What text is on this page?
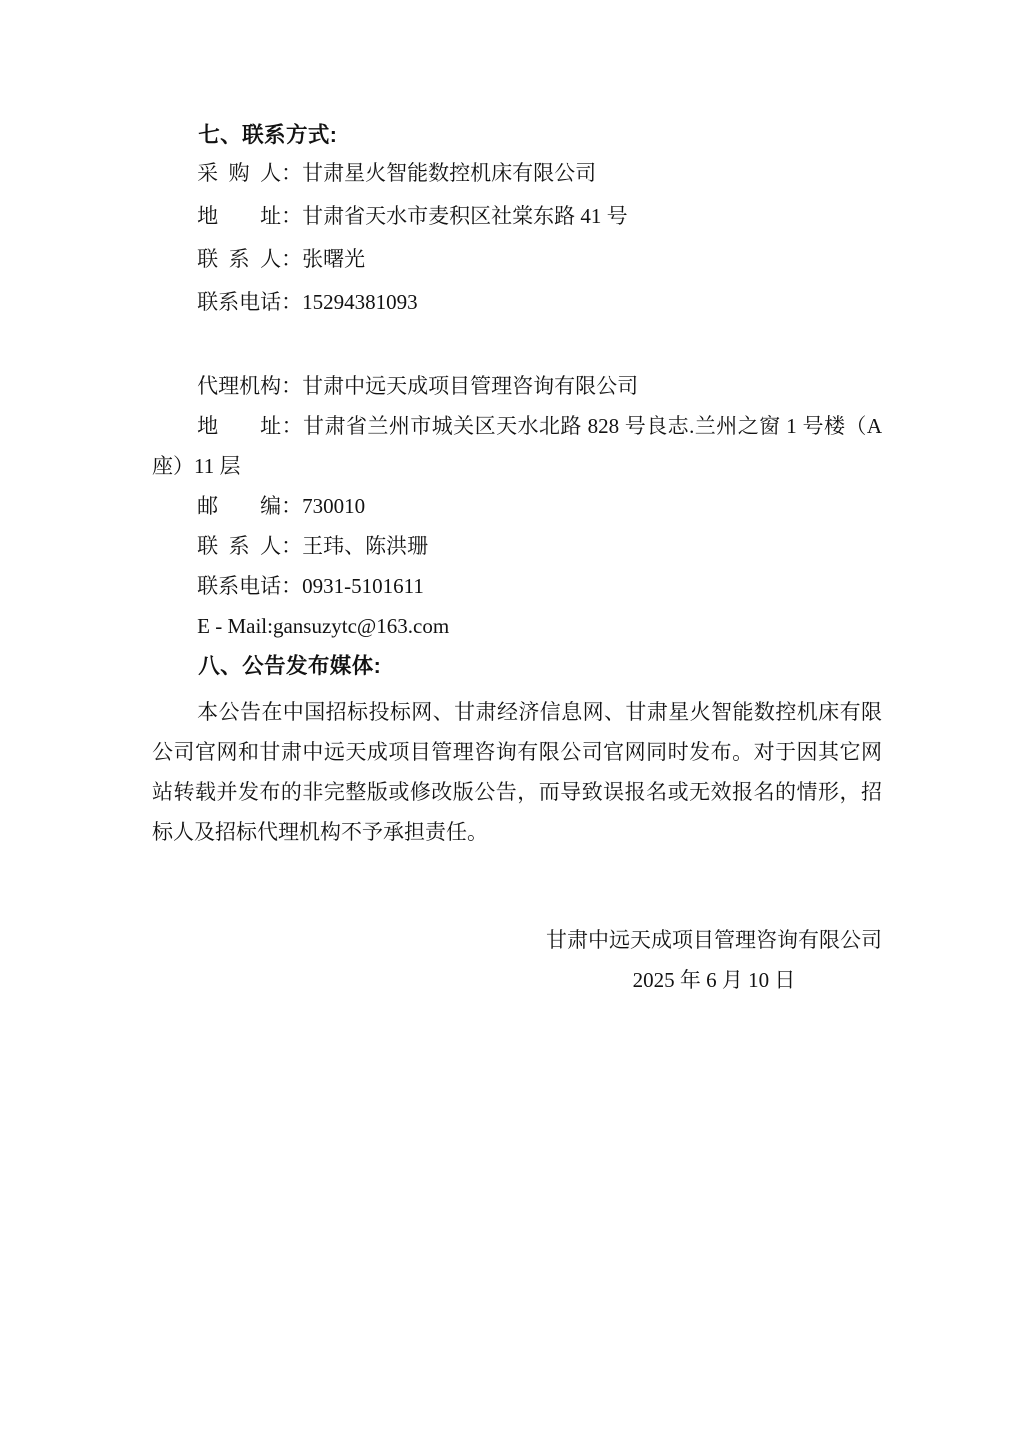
七、联系方式:

采购人：甘肃星火智能数控机床有限公司

地址：甘肃省天水市麦积区社棠东路 41 号

联系人：张曙光

联系电话：15294381093

代理机构：甘肃中远天成项目管理咨询有限公司

地址：甘肃省兰州市城关区天水北路 828 号良志.兰州之窗 1 号楼（A座）11 层

邮编：730010

联系人：王玮、陈洪珊

联系电话：0931-5101611

E - Mail:gansuzytc@163.com

八、公告发布媒体:

本公告在中国招标投标网、甘肃经济信息网、甘肃星火智能数控机床有限公司官网和甘肃中远天成项目管理咨询有限公司官网同时发布。对于因其它网站转载并发布的非完整版或修改版公告，而导致误报名或无效报名的情形，招标人及招标代理机构不予承担责任。

甘肃中远天成项目管理咨询有限公司

2025 年 6 月 10 日
